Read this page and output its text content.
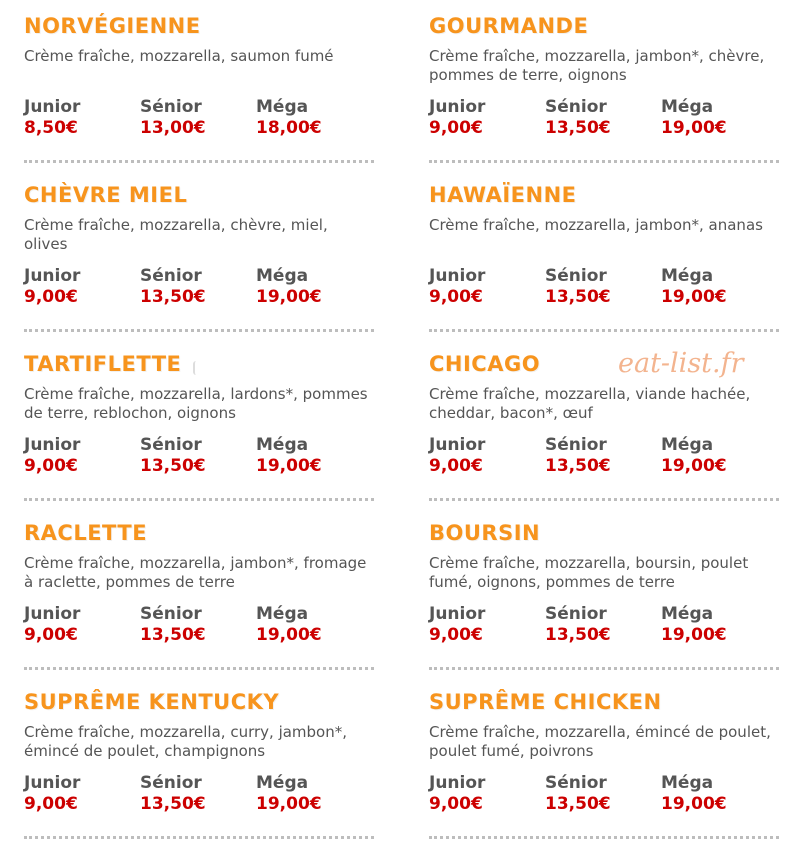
NORVÉGIENNE

Crème fraîche, mozzarella, saumon fumé

Junior
8,50€
Sénior
13,00€
Méga
18,00€
GOURMANDE

Crème fraîche, mozzarella, jambon*, chèvre, pommes de terre, oignons

Junior
9,00€
Sénior
13,50€
Méga
19,00€
CHÈVRE MIEL

Crème fraîche, mozzarella, chèvre, miel, olives

Junior
9,00€
Sénior
13,50€
Méga
19,00€
HAWAÏENNE

Crème fraîche, mozzarella, jambon*, ananas

Junior
9,00€
Sénior
13,50€
Méga
19,00€
TARTIFLETTE

Crème fraîche, mozzarella, lardons*, pommes de terre, reblochon, oignons

Junior
9,00€
Sénior
13,50€
Méga
19,00€
CHICAGO

Crème fraîche, mozzarella, viande hachée, cheddar, bacon*, œuf

Junior
9,00€
Sénior
13,50€
Méga
19,00€
RACLETTE

Crème fraîche, mozzarella, jambon*, fromage à raclette, pommes de terre

Junior
9,00€
Sénior
13,50€
Méga
19,00€
BOURSIN

Crème fraîche, mozzarella, boursin, poulet fumé, oignons, pommes de terre

Junior
9,00€
Sénior
13,50€
Méga
19,00€
SUPRÊME KENTUCKY

Crème fraîche, mozzarella, curry, jambon*, émincé de poulet, champignons

Junior
9,00€
Sénior
13,50€
Méga
19,00€
SUPRÊME CHICKEN

Crème fraîche, mozzarella, émincé de poulet, poulet fumé, poivrons

Junior
9,00€
Sénior
13,50€
Méga
19,00€
eat-list.fr
